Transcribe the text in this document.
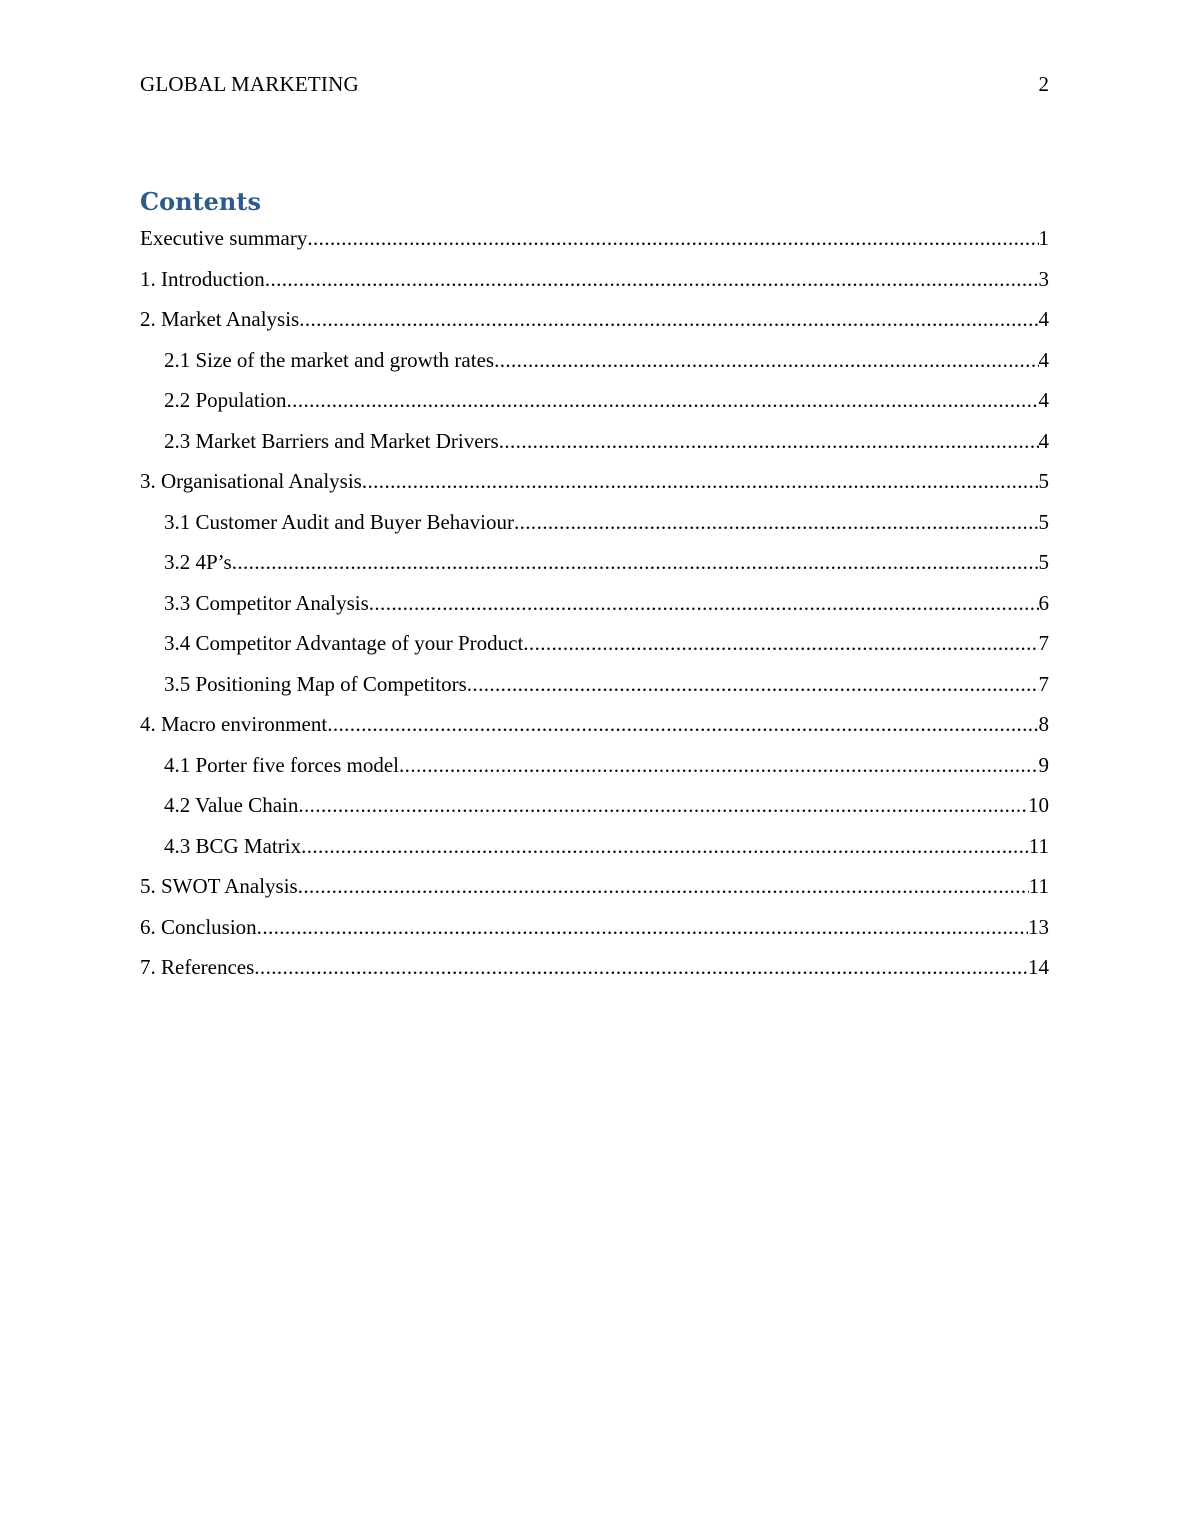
GLOBAL MARKETING	2
Contents
Executive summary .....	1
1. Introduction .....	3
2. Market Analysis .....	4
2.1 Size of the market and growth rates .....	4
2.2 Population .....	4
2.3 Market Barriers and Market Drivers .....	4
3. Organisational Analysis .....	5
3.1 Customer Audit and Buyer Behaviour .....	5
3.2 4P’s .....	5
3.3 Competitor Analysis .....	6
3.4 Competitor Advantage of your Product .....	7
3.5 Positioning Map of Competitors .....	7
4. Macro environment .....	8
4.1 Porter five forces model .....	9
4.2 Value Chain .....	10
4.3 BCG Matrix .....	11
5. SWOT Analysis .....	11
6. Conclusion .....	13
7. References .....	14
